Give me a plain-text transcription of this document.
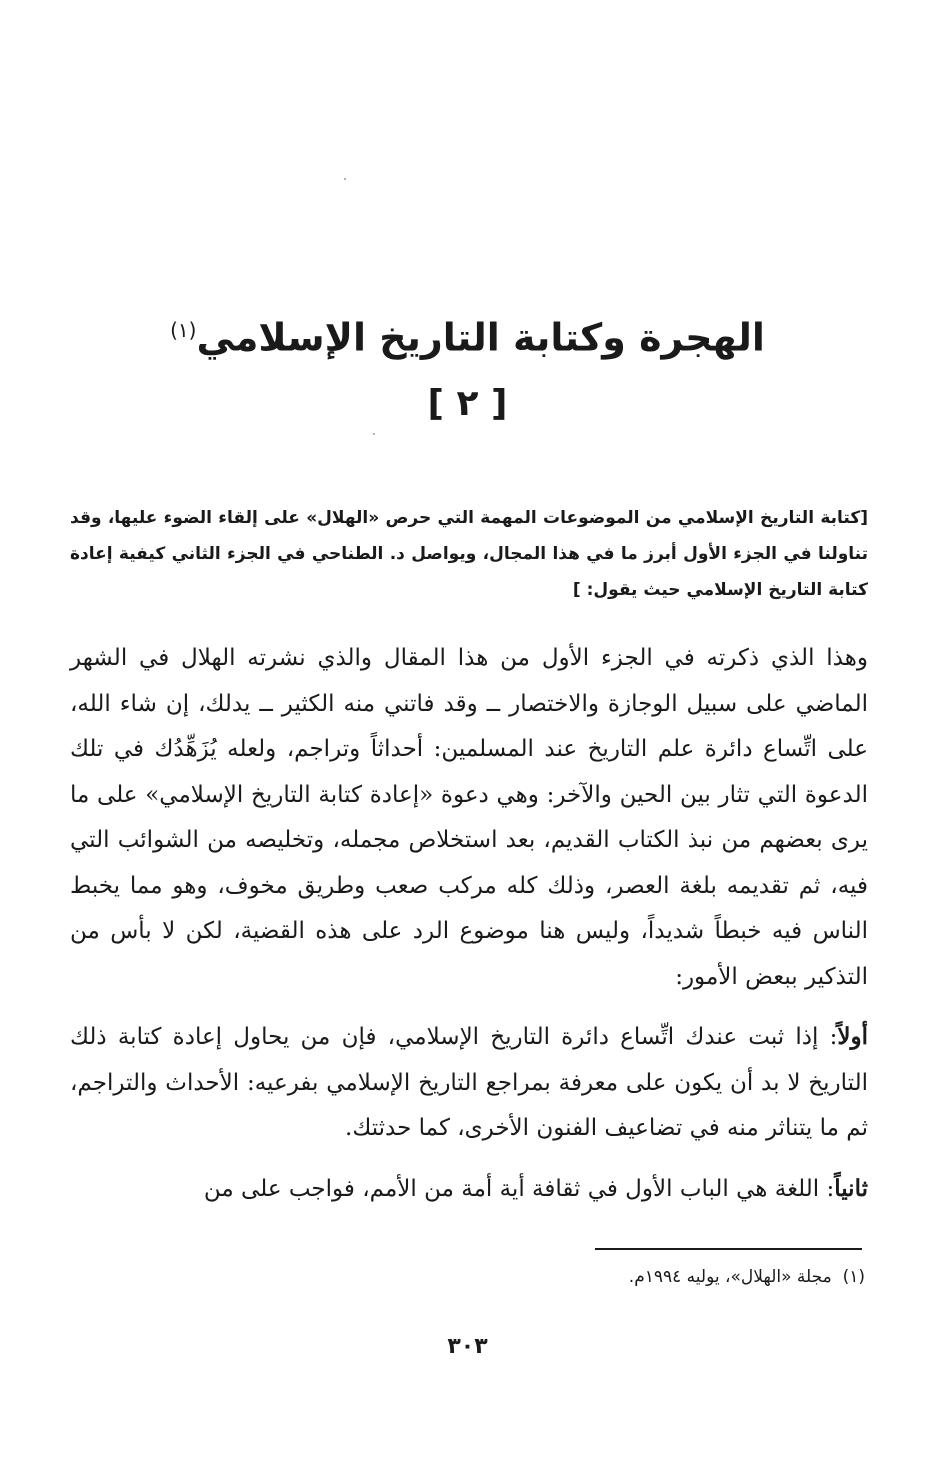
الهجرة وكتابة التاريخ الإسلامي$^{(١)}$
[ ٢ ]
[كتابة التاريخ الإسلامي من الموضوعات المهمة التي حرص «الهلال» على إلقاء الضوء عليها، وقد تناولنا في الجزء الأول أبرز ما في هذا المجال، ويواصل د. الطناحي في الجزء الثاني كيفية إعادة كتابة التاريخ الإسلامي حيث يقول: ]

وهذا الذي ذكرته في الجزء الأول من هذا المقال والذي نشرته الهلال في الشهر الماضي على سبيل الوجازة والاختصار ــ وقد فاتني منه الكثير ــ يدلك، إن شاء الله، على اتِّساع دائرة علم التاريخ عند المسلمين: أحداثاً وتراجم، ولعله يُزَهِّدُك في تلك الدعوة التي تثار بين الحين والآخر: وهي دعوة «إعادة كتابة التاريخ الإسلامي» على ما يرى بعضهم من نبذ الكتاب القديم، بعد استخلاص مجمله، وتخليصه من الشوائب التي فيه، ثم تقديمه بلغة العصر، وذلك كله مركب صعب وطريق مخوف، وهو مما يخبط الناس فيه خبطاً شديداً، وليس هنا موضوع الرد على هذه القضية، لكن لا بأس من التذكير ببعض الأمور:

أولاً: إذا ثبت عندك اتِّساع دائرة التاريخ الإسلامي، فإن من يحاول إعادة كتابة ذلك التاريخ لا بد أن يكون على معرفة بمراجع التاريخ الإسلامي بفرعيه: الأحداث والتراجم، ثم ما يتناثر منه في تضاعيف الفنون الأخرى، كما حدثتك.

ثانياً: اللغة هي الباب الأول في ثقافة أية أمة من الأمم، فواجب على من

(١)  مجلة «الهلال»، يوليه ١٩٩٤م.
٣٠٣
